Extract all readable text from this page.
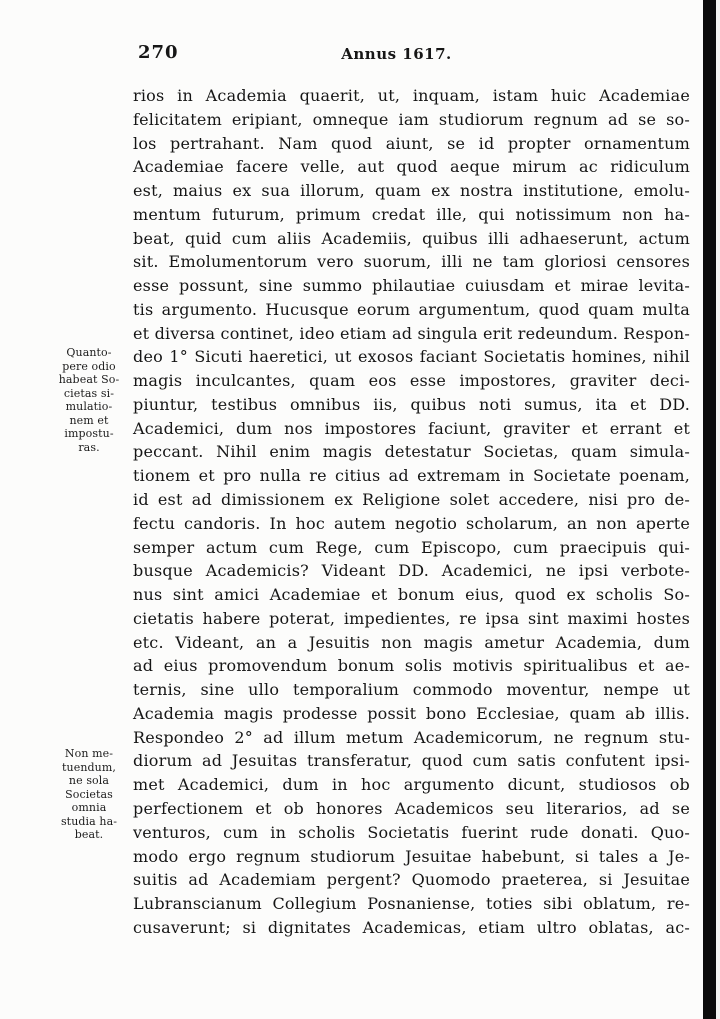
270	Annus 1617.
Quanto-
pere odio
habeat So-
cietas si-
mulatio-
nem et
impostu-
ras.
Non me-
tuendum,
ne sola
Societas
omnia
studia ha-
beat.
rios in Academia quaerit, ut, inquam, istam huic Academiae
felicitatem eripiant, omneque iam studiorum regnum ad se so-
los pertrahant. Nam quod aiunt, se id propter ornamentum
Academiae facere velle, aut quod aeque mirum ac ridiculum
est, maius ex sua illorum, quam ex nostra institutione, emolu-
mentum futurum, primum credat ille, qui notissimum non ha-
beat, quid cum aliis Academiis, quibus illi adhaeserunt, actum
sit. Emolumentorum vero suorum, illi ne tam gloriosi censores
esse possunt, sine summo philautiae cuiusdam et mirae levita-
tis argumento. Hucusque eorum argumentum, quod quam multa
et diversa continet, ideo etiam ad singula erit redeundum. Respon-
deo 1° Sicuti haeretici, ut exosos faciant Societatis homines, nihil
magis inculcantes, quam eos esse impostores, graviter deci-
piuntur, testibus omnibus iis, quibus noti sumus, ita et DD.
Academici, dum nos impostores faciunt, graviter et errant et
peccant. Nihil enim magis detestatur Societas, quam simula-
tionem et pro nulla re citius ad extremam in Societate poenam,
id est ad dimissionem ex Religione solet accedere, nisi pro de-
fectu candoris. In hoc autem negotio scholarum, an non aperte
semper actum cum Rege, cum Episcopo, cum praecipuis qui-
busque Academicis? Videant DD. Academici, ne ipsi verbote-
nus sint amici Academiae et bonum eius, quod ex scholis So-
cietatis habere poterat, impedientes, re ipsa sint maximi hostes
etc. Videant, an a Jesuitis non magis ametur Academia, dum
ad eius promovendum bonum solis motivis spiritualibus et ae-
ternis, sine ullo temporalium commodo moventur, nempe ut
Academia magis prodesse possit bono Ecclesiae, quam ab illis.
Respondeo 2° ad illum metum Academicorum, ne regnum stu-
diorum ad Jesuitas transferatur, quod cum satis confutent ipsi-
met Academici, dum in hoc argumento dicunt, studiosos ob
perfectionem et ob honores Academicos seu literarios, ad se
venturos, cum in scholis Societatis fuerint rude donati. Quo-
modo ergo regnum studiorum Jesuitae habebunt, si tales a Je-
suitis ad Academiam pergent? Quomodo praeterea, si Jesuitae
Lubranscianum Collegium Posnaniense, toties sibi oblatum, re-
cusaverunt; si dignitates Academicas, etiam ultro oblatas, ac-
